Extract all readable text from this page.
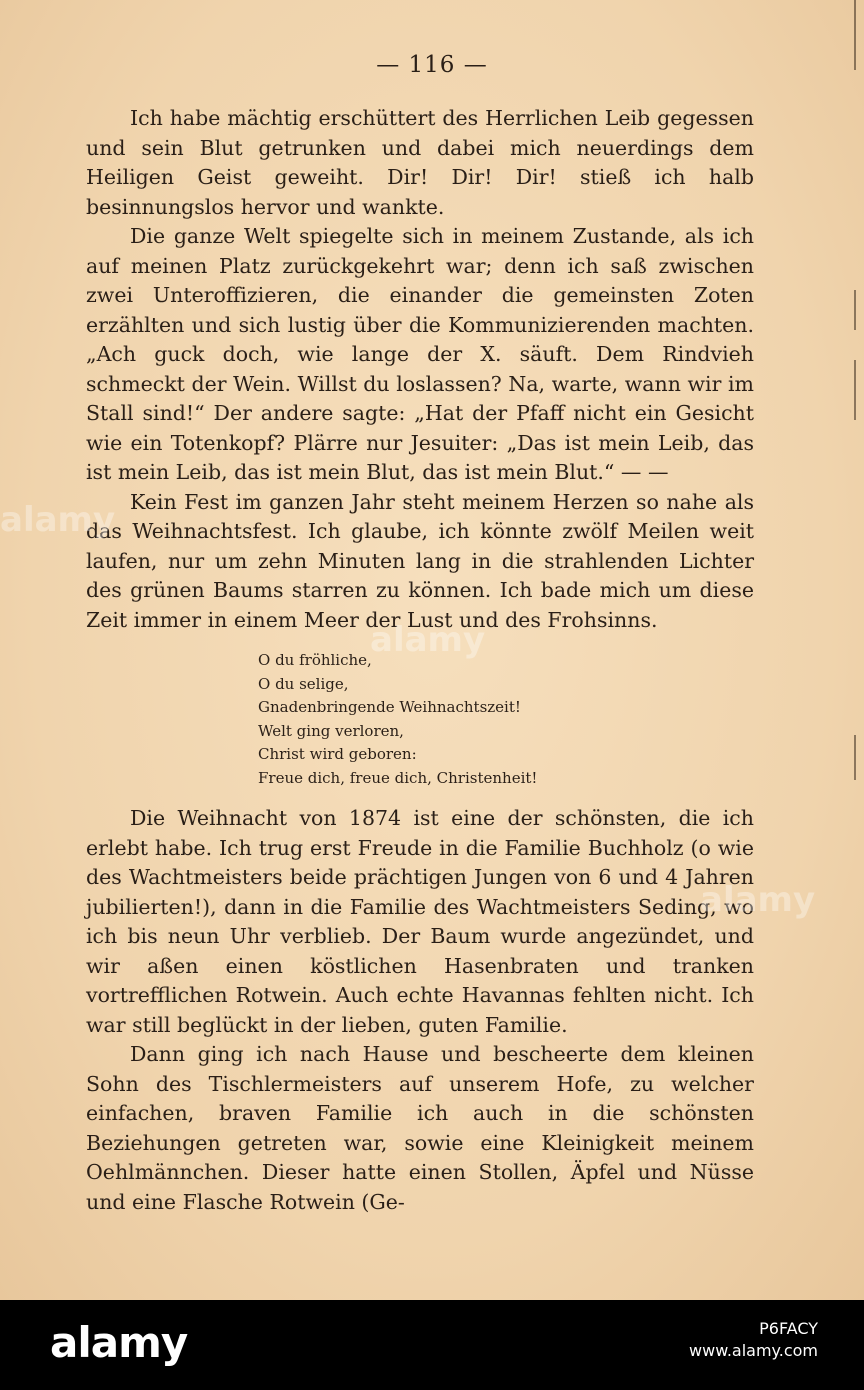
— 116 —

Ich habe mächtig erschüttert des Herrlichen Leib gegessen und sein Blut getrunken und dabei mich neuerdings dem Heiligen Geist geweiht. Dir! Dir! Dir! stieß ich halb besinnungslos hervor und wankte.

Die ganze Welt spiegelte sich in meinem Zustande, als ich auf meinen Platz zurückgekehrt war; denn ich saß zwischen zwei Unteroffizieren, die einander die gemeinsten Zoten erzählten und sich lustig über die Kommunizierenden machten. „Ach guck doch, wie lange der X. säuft. Dem Rindvieh schmeckt der Wein. Willst du loslassen? Na, warte, wann wir im Stall sind!“ Der andere sagte: „Hat der Pfaff nicht ein Gesicht wie ein Totenkopf? Plärre nur Jesuiter: „Das ist mein Leib, das ist mein Leib, das ist mein Blut, das ist mein Blut.“ — —

Kein Fest im ganzen Jahr steht meinem Herzen so nahe als das Weihnachtsfest. Ich glaube, ich könnte zwölf Meilen weit laufen, nur um zehn Minuten lang in die strahlenden Lichter des grünen Baums starren zu können. Ich bade mich um diese Zeit immer in einem Meer der Lust und des Frohsinns.

O du fröhliche,
O du selige,
Gnadenbringende Weihnachtszeit!
Welt ging verloren,
Christ wird geboren:
Freue dich, freue dich, Christenheit!

Die Weihnacht von 1874 ist eine der schönsten, die ich erlebt habe. Ich trug erst Freude in die Familie Buchholz (o wie des Wachtmeisters beide prächtigen Jungen von 6 und 4 Jahren jubilierten!), dann in die Familie des Wachtmeisters Seding, wo ich bis neun Uhr verblieb. Der Baum wurde angezündet, und wir aßen einen köstlichen Hasenbraten und tranken vortrefflichen Rotwein. Auch echte Havannas fehlten nicht. Ich war still beglückt in der lieben, guten Familie.

Dann ging ich nach Hause und bescheerte dem kleinen Sohn des Tischlermeisters auf unserem Hofe, zu welcher einfachen, braven Familie ich auch in die schönsten Beziehungen getreten war, sowie eine Kleinigkeit meinem Oehlmännchen. Dieser hatte einen Stollen, Äpfel und Nüsse und eine Flasche Rotwein (Ge-

alamy
alamy
alamy
alamy	P6FACY
www.alamy.com
